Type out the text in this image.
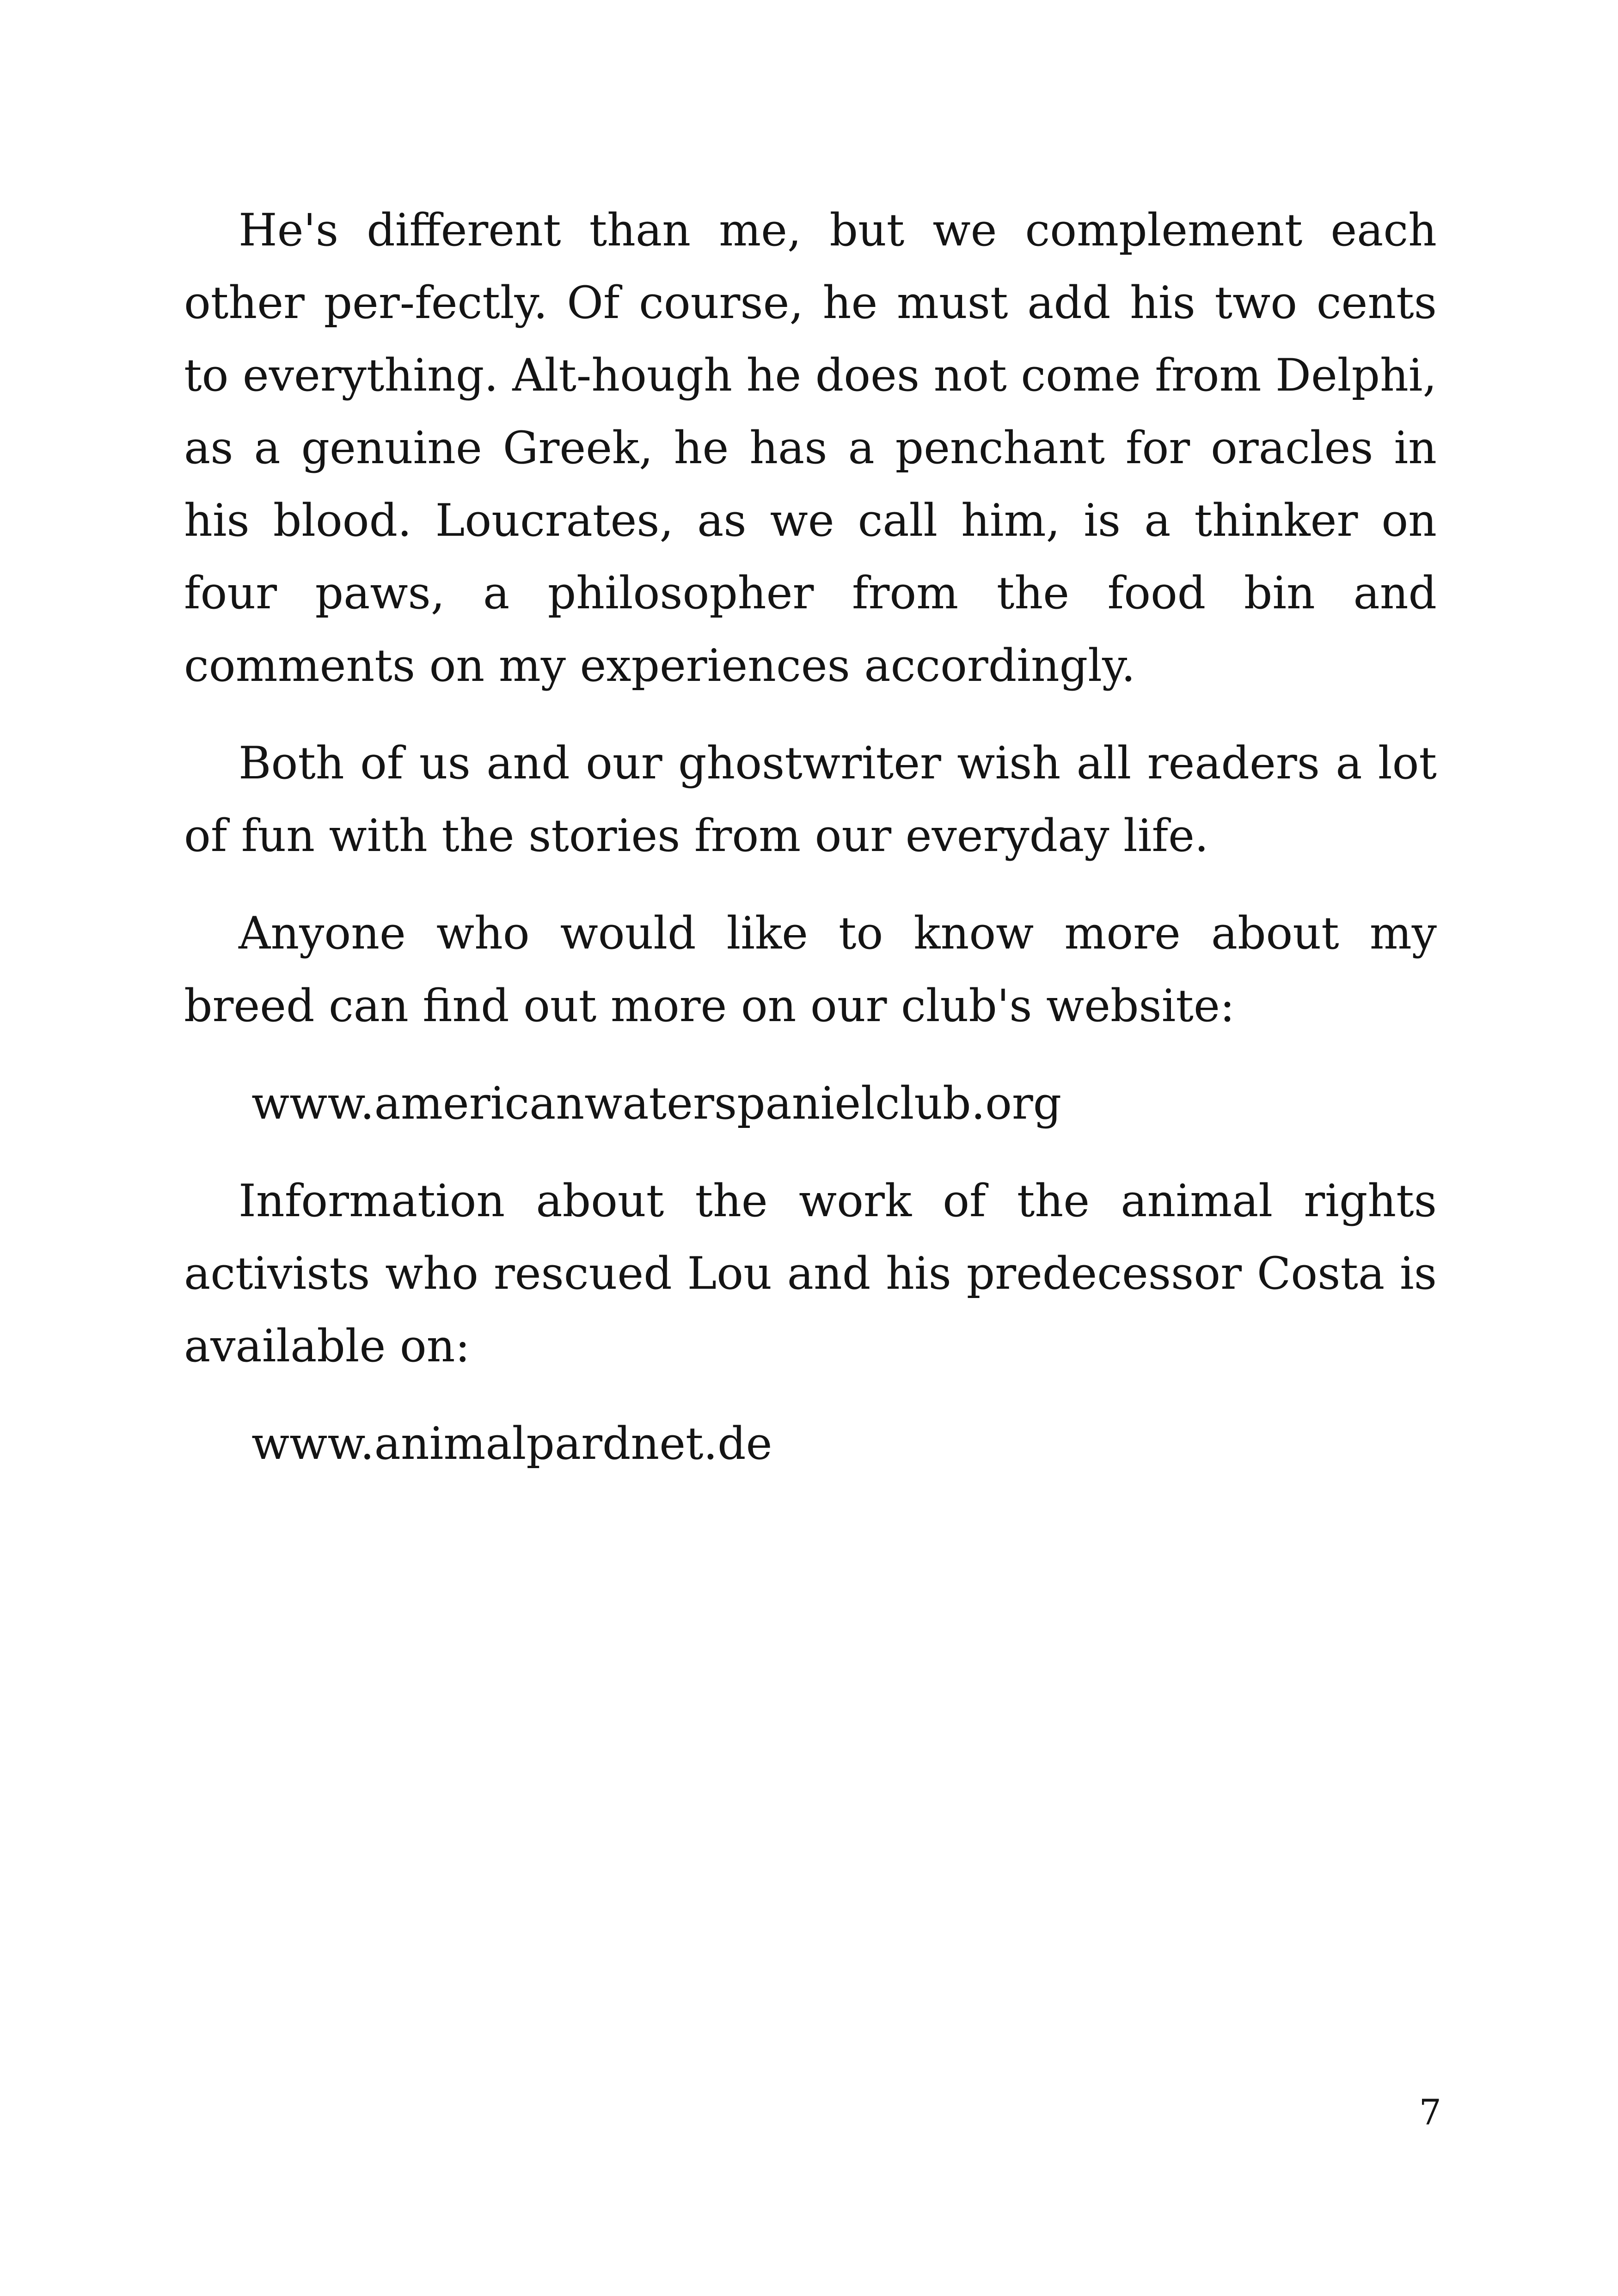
He's different than me, but we complement each other per-fectly. Of course, he must add his two cents to everything. Alt-hough he does not come from Delphi, as a genuine Greek, he has a penchant for oracles in his blood. Loucrates, as we call him, is a thinker on four paws, a philosopher from the food bin and comments on my experiences accordingly.

Both of us and our ghostwriter wish all readers a lot of fun with the stories from our everyday life.

Anyone who would like to know more about my breed can find out more on our club's website:

www.americanwaterspanielclub.org

Information about the work of the animal rights activists who rescued Lou and his predecessor Costa is available on:

www.animalpardnet.de

7
